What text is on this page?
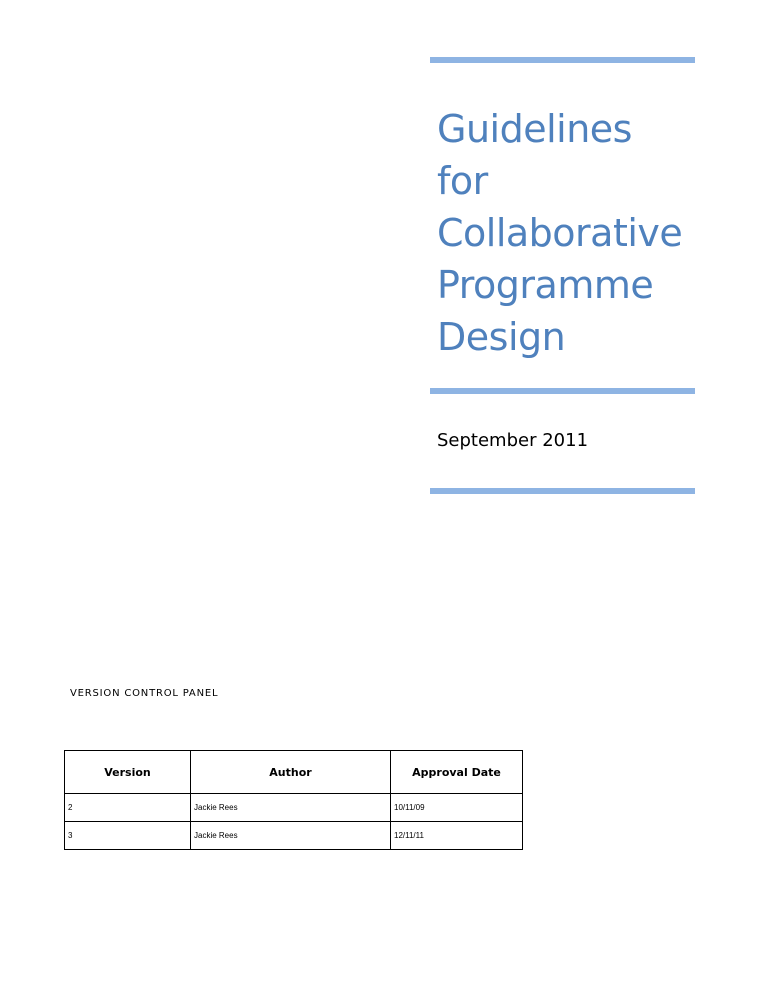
Guidelines
for
Collaborative
Programme
Design
September 2011
VERSION CONTROL PANEL
Version	Author	Approval Date
2	Jackie Rees	10/11/09
3	Jackie Rees	12/11/11
